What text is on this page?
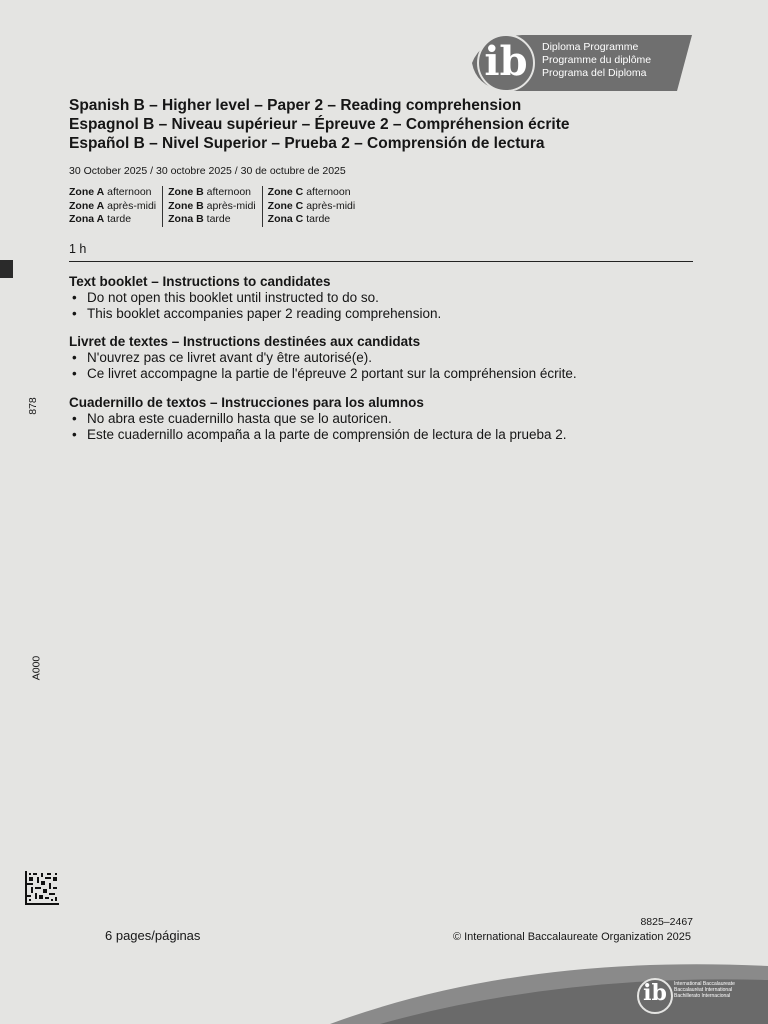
878
A000
ib Diploma Programme
Programme du diplôme
Programa del Diploma
Spanish B – Higher level – Paper 2 – Reading comprehension
Espagnol B – Niveau supérieur – Épreuve 2 – Compréhension écrite
Español B – Nivel Superior – Prueba 2 – Comprensión de lectura
30 October 2025 / 30 octobre 2025 / 30 de octubre de 2025
Zone A afternoon
Zone A après-midi
Zona A tarde
Zone B afternoon
Zone B après-midi
Zona B tarde
Zone C afternoon
Zone C après-midi
Zona C tarde
1 h
Text booklet – Instructions to candidates
• Do not open this booklet until instructed to do so.
• This booklet accompanies paper 2 reading comprehension.
Livret de textes – Instructions destinées aux candidats
• N'ouvrez pas ce livret avant d'y être autorisé(e).
• Ce livret accompagne la partie de l'épreuve 2 portant sur la compréhension écrite.
Cuadernillo de textos – Instrucciones para los alumnos
• No abra este cuadernillo hasta que se lo autoricen.
• Este cuadernillo acompaña a la parte de comprensión de lectura de la prueba 2.
6 pages/páginas
8825–2467
© International Baccalaureate Organization 2025
ib	International Baccalaureate
Baccalauréat International
Bachillerato Internacional
